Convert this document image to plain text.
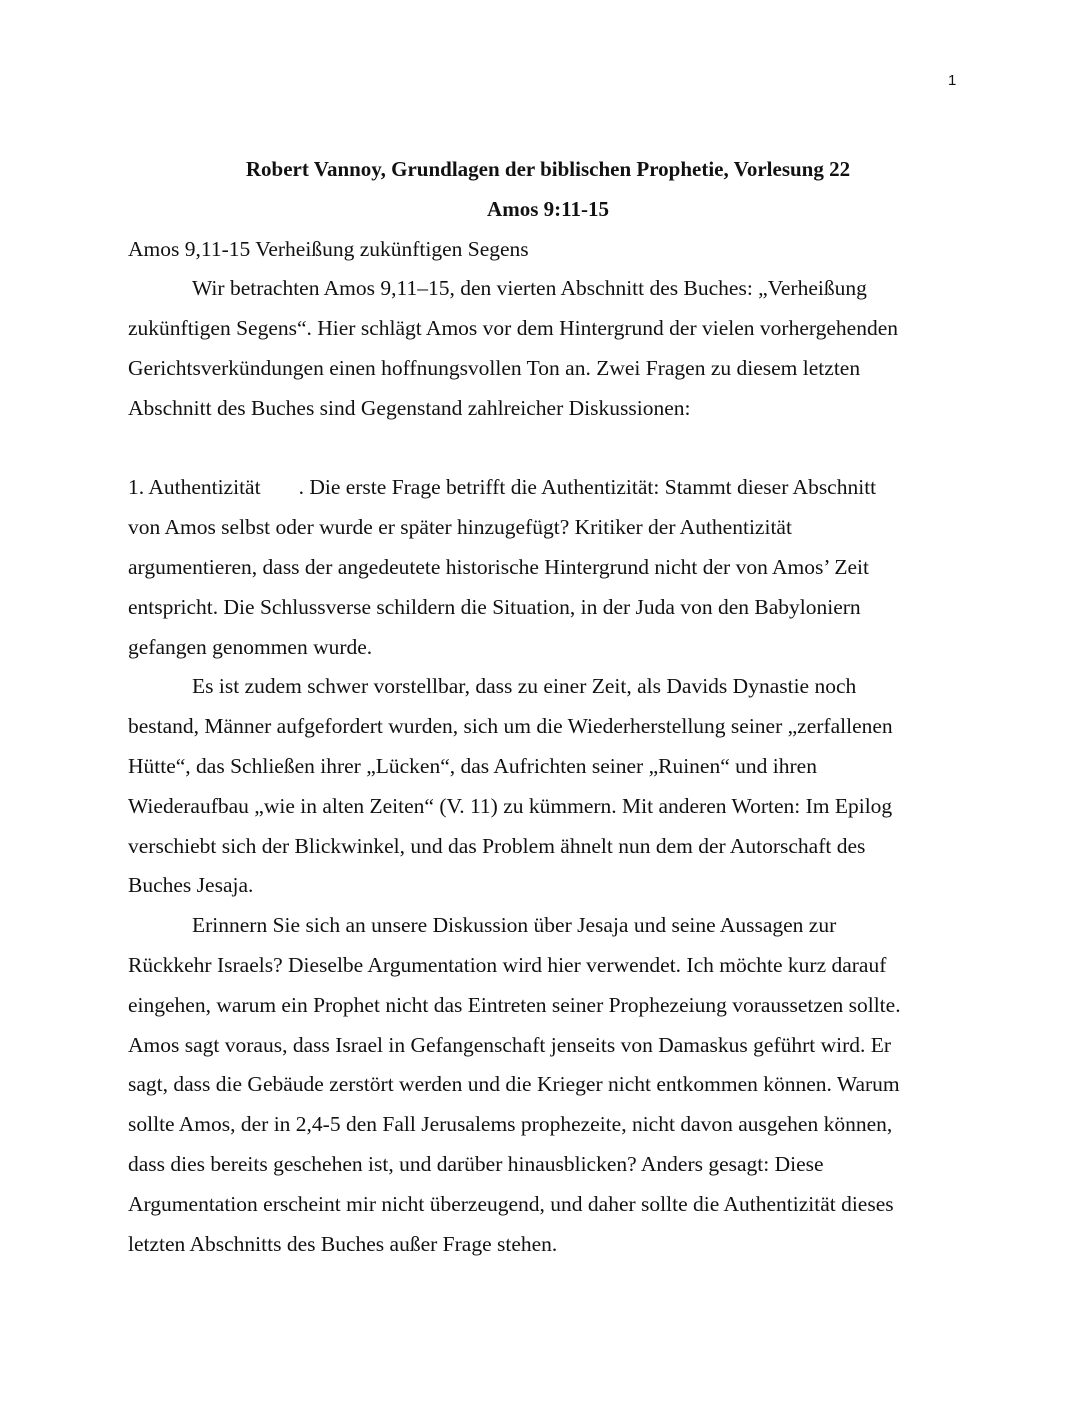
1
Robert Vannoy, Grundlagen der biblischen Prophetie, Vorlesung 22
Amos 9:11-15
Amos 9,11-15 Verheißung zukünftigen Segens
Wir betrachten Amos 9,11–15, den vierten Abschnitt des Buches: „Verheißung
zukünftigen Segens“. Hier schlägt Amos vor dem Hintergrund der vielen vorhergehenden
Gerichtsverkündungen einen hoffnungsvollen Ton an. Zwei Fragen zu diesem letzten
Abschnitt des Buches sind Gegenstand zahlreicher Diskussionen:
1. Authentizität . Die erste Frage betrifft die Authentizität: Stammt dieser Abschnitt
von Amos selbst oder wurde er später hinzugefügt? Kritiker der Authentizität
argumentieren, dass der angedeutete historische Hintergrund nicht der von Amos’ Zeit
entspricht. Die Schlussverse schildern die Situation, in der Juda von den Babyloniern
gefangen genommen wurde.
Es ist zudem schwer vorstellbar, dass zu einer Zeit, als Davids Dynastie noch
bestand, Männer aufgefordert wurden, sich um die Wiederherstellung seiner „zerfallenen
Hütte“, das Schließen ihrer „Lücken“, das Aufrichten seiner „Ruinen“ und ihren
Wiederaufbau „wie in alten Zeiten“ (V. 11) zu kümmern. Mit anderen Worten: Im Epilog
verschiebt sich der Blickwinkel, und das Problem ähnelt nun dem der Autorschaft des
Buches Jesaja.
Erinnern Sie sich an unsere Diskussion über Jesaja und seine Aussagen zur
Rückkehr Israels? Dieselbe Argumentation wird hier verwendet. Ich möchte kurz darauf
eingehen, warum ein Prophet nicht das Eintreten seiner Prophezeiung voraussetzen sollte.
Amos sagt voraus, dass Israel in Gefangenschaft jenseits von Damaskus geführt wird. Er
sagt, dass die Gebäude zerstört werden und die Krieger nicht entkommen können. Warum
sollte Amos, der in 2,4-5 den Fall Jerusalems prophezeite, nicht davon ausgehen können,
dass dies bereits geschehen ist, und darüber hinausblicken? Anders gesagt: Diese
Argumentation erscheint mir nicht überzeugend, und daher sollte die Authentizität dieses
letzten Abschnitts des Buches außer Frage stehen.
